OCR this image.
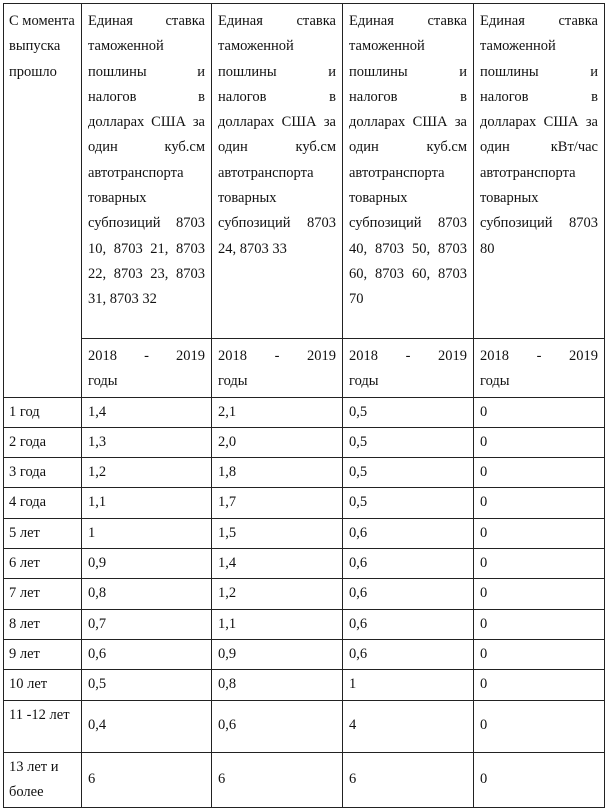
С момента выпуска прошло	Единая ставка таможенной пошлины и налогов в долларах США за один куб.см автотранспорта товарных субпозиций 8703 10, 8703 21, 8703 22, 8703 23, 8703 31, 8703 32	Единая ставка таможенной пошлины и налогов в долларах США за один куб.см автотранспорта товарных субпозиций 8703 24, 8703 33	Единая ставка таможенной пошлины и налогов в долларах США за один куб.см автотранспорта товарных субпозиций 8703 40, 8703 50, 8703 60, 8703 60, 8703 70	Единая ставка таможенной пошлины и налогов в долларах США за один кВт/час автотранспорта товарных субпозиций 8703 80
	2018 - 2019 годы	2018 - 2019 годы	2018 - 2019 годы	2018 - 2019 годы
1 год	1,4	2,1	0,5	0
2 года	1,3	2,0	0,5	0
3 года	1,2	1,8	0,5	0
4 года	1,1	1,7	0,5	0
5 лет	1	1,5	0,6	0
6 лет	0,9	1,4	0,6	0
7 лет	0,8	1,2	0,6	0
8 лет	0,7	1,1	0,6	0
9 лет	0,6	0,9	0,6	0
10 лет	0,5	0,8	1	0
11 -12 лет	0,4	0,6	4	0
13 лет и более	6	6	6	0
